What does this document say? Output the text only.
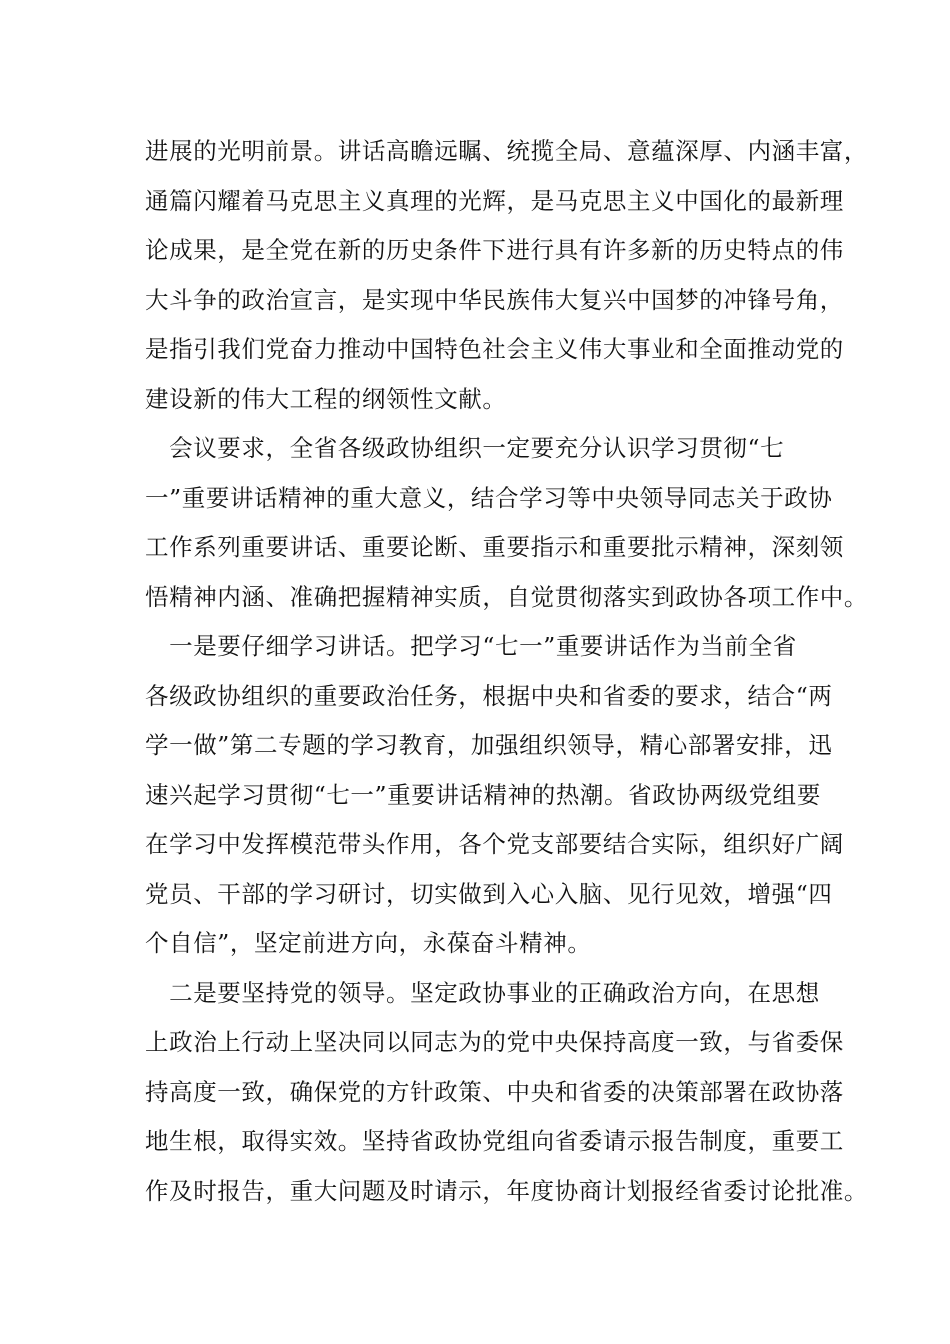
进展的光明前景。讲话高瞻远瞩、统揽全局、意蕴深厚、内涵丰富，
通篇闪耀着马克思主义真理的光辉，是马克思主义中国化的最新理
论成果，是全党在新的历史条件下进行具有许多新的历史特点的伟
大斗争的政治宣言，是实现中华民族伟大复兴中国梦的冲锋号角，
是指引我们党奋力推动中国特色社会主义伟大事业和全面推动党的
建设新的伟大工程的纲领性文献。
　会议要求，全省各级政协组织一定要充分认识学习贯彻“七
一”重要讲话精神的重大意义，结合学习等中央领导同志关于政协
工作系列重要讲话、重要论断、重要指示和重要批示精神，深刻领
悟精神内涵、准确把握精神实质，自觉贯彻落实到政协各项工作中。
　一是要仔细学习讲话。把学习“七一”重要讲话作为当前全省
各级政协组织的重要政治任务，根据中央和省委的要求，结合“两
学一做”第二专题的学习教育，加强组织领导，精心部署安排，迅
速兴起学习贯彻“七一”重要讲话精神的热潮。省政协两级党组要
在学习中发挥模范带头作用，各个党支部要结合实际，组织好广阔
党员、干部的学习研讨，切实做到入心入脑、见行见效，增强“四
个自信”，坚定前进方向，永葆奋斗精神。
　二是要坚持党的领导。坚定政协事业的正确政治方向，在思想
上政治上行动上坚决同以同志为的党中央保持高度一致，与省委保
持高度一致，确保党的方针政策、中央和省委的决策部署在政协落
地生根，取得实效。坚持省政协党组向省委请示报告制度，重要工
作及时报告，重大问题及时请示，年度协商计划报经省委讨论批准。
